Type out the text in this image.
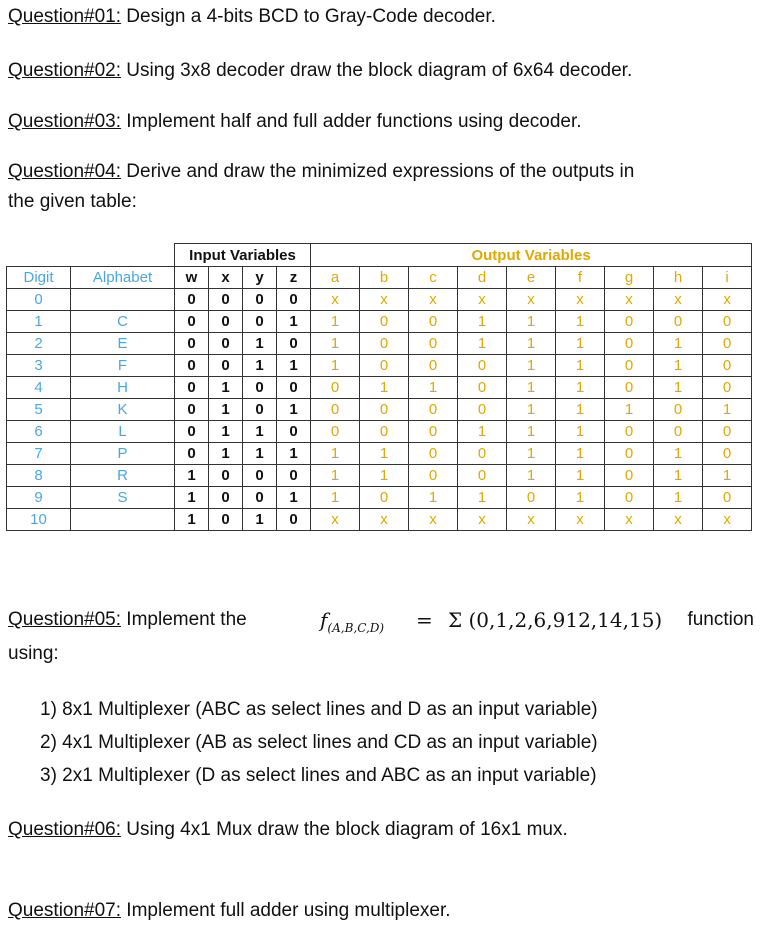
Question#01: Design a 4-bits BCD to Gray-Code decoder.
Question#02: Using 3x8 decoder draw the block diagram of 6x64 decoder.
Question#03: Implement half and full adder functions using decoder.
Question#04: Derive and draw the minimized expressions of the outputs in
the given table:
		Input Variables				Output Variables								
Digit	Alphabet	w	x	y	z	a	b	c	d	e	f	g	h	i
0		0	0	0	0	x	x	x	x	x	x	x	x	x
1	C	0	0	0	1	1	0	0	1	1	1	0	0	0
2	E	0	0	1	0	1	0	0	1	1	1	0	1	0
3	F	0	0	1	1	1	0	0	0	1	1	0	1	0
4	H	0	1	0	0	0	1	1	0	1	1	0	1	0
5	K	0	1	0	1	0	0	0	0	1	1	1	0	1
6	L	0	1	1	0	0	0	0	1	1	1	0	0	0
7	P	0	1	1	1	1	1	0	0	1	1	0	1	0
8	R	1	0	0	0	1	1	0	0	1	1	0	1	1
9	S	1	0	0	1	1	0	1	1	0	1	0	1	0
10		1	0	1	0	x	x	x	x	x	x	x	x	x
Question#05: Implement the	$f_{(A,B,C,D)} = \Sigma$ (0,1,2,6,912,14,15) function
using:
1) 8x1 Multiplexer (ABC as select lines and D as an input variable)
2) 4x1 Multiplexer (AB as select lines and CD as an input variable)
3) 2x1 Multiplexer (D as select lines and ABC as an input variable)
Question#06: Using 4x1 Mux draw the block diagram of 16x1 mux.
Question#07: Implement full adder using multiplexer.
